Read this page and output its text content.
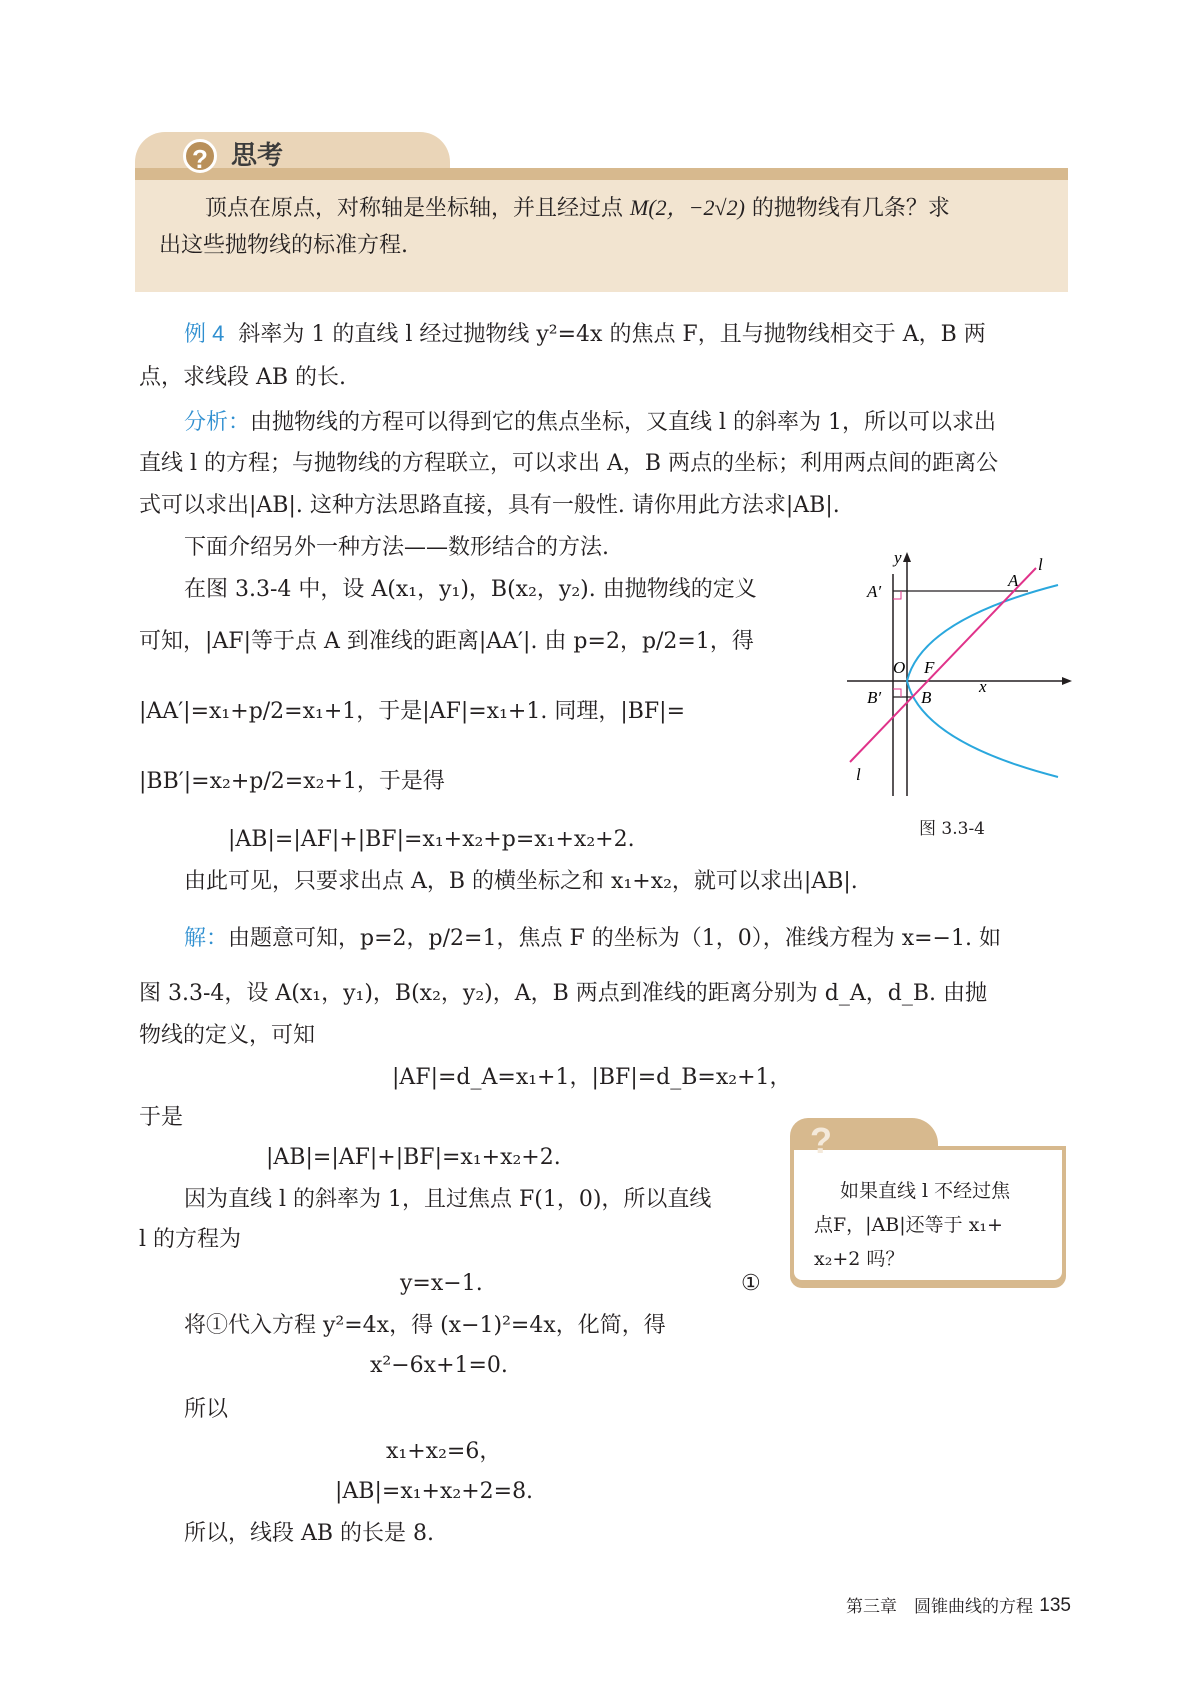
? 思考
顶点在原点，对称轴是坐标轴，并且经过点 M(2，−2√2) 的抛物线有几条？求
出这些抛物线的标准方程.
例 4 斜率为 1 的直线 l 经过抛物线 y²=4x 的焦点 F，且与抛物线相交于 A，B 两
点，求线段 AB 的长.
分析：由抛物线的方程可以得到它的焦点坐标，又直线 l 的斜率为 1，所以可以求出
直线 l 的方程；与抛物线的方程联立，可以求出 A，B 两点的坐标；利用两点间的距离公
式可以求出|AB|. 这种方法思路直接，具有一般性. 请你用此方法求|AB|.
下面介绍另外一种方法——数形结合的方法.
在图 3.3-4 中，设 A(x₁，y₁)，B(x₂，y₂). 由抛物线的定义
可知，|AF|等于点 A 到准线的距离|AA′|. 由 p=2，p/2=1，得
|AA′|=x₁+p/2=x₁+1，于是|AF|=x₁+1. 同理，|BF|=
|BB′|=x₂+p/2=x₂+1，于是得
|AB|=|AF|+|BF|=x₁+x₂+p=x₁+x₂+2.
由此可见，只要求出点 A，B 的横坐标之和 x₁+x₂，就可以求出|AB|.
y
x
A
A′
B
B′
O F
l
l
图 3.3-4
解：由题意可知，p=2，p/2=1，焦点 F 的坐标为（1，0），准线方程为 x=−1. 如
图 3.3-4，设 A(x₁，y₁)，B(x₂，y₂)，A，B 两点到准线的距离分别为 d_A，d_B. 由抛
物线的定义，可知
|AF|=d_A=x₁+1，|BF|=d_B=x₂+1，
于是
|AB|=|AF|+|BF|=x₁+x₂+2.
因为直线 l 的斜率为 1，且过焦点 F(1，0)，所以直线
l 的方程为
y=x−1.	①
将①代入方程 y²=4x，得 (x−1)²=4x，化简，得
x²−6x+1=0.
所以
x₁+x₂=6，
|AB|=x₁+x₂+2=8.
所以，线段 AB 的长是 8.
?
如果直线 l 不经过焦
点F，|AB|还等于 x₁+
x₂+2 吗？
第三章　圆锥曲线的方程 135
